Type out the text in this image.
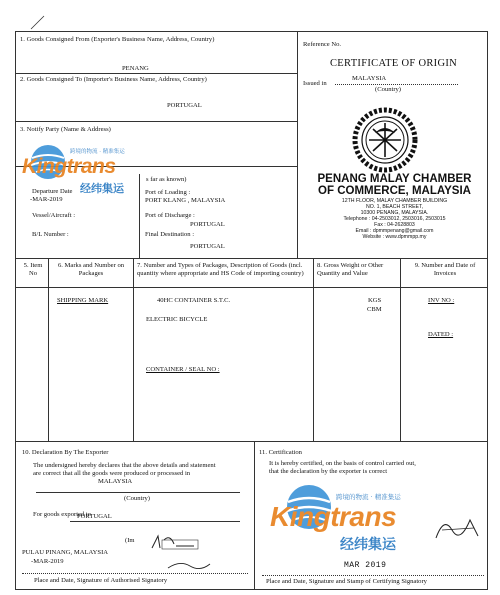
1. Goods Consigned From (Exporter's Business Name, Address, Country)
PENANG
2. Goods Consigned To (Importer's Business Name, Address, Country)
PORTUGAL
3. Notify Party (Name & Address)
s far as known)
Departure Date
-MAR-2019
Vessel/Aircraft :
B/L Number :
Port of Loading :
PORT KLANG , MALAYSIA
Port of Discharge :
PORTUGAL
Final Destination :
PORTUGAL
Reference No.
CERTIFICATE OF ORIGIN
Issued in
MALAYSIA
(Country)
PENANG MALAY CHAMBER
OF COMMERCE, MALAYSIA
12TH FLOOR, MALAY CHAMBER BUILDING
NO. 1, BEACH STREET,
10300 PENANG, MALAYSIA.
Telephone : 04-2503012, 2503016, 2503015
Fax : 04-2628803
Email : dpmmpenang@gmail.com
Website : www.dpmmpp.my
5. Item No
6. Marks and Number on Packages
7. Number and Types of Packages, Description of Goods (incl. quantity where appropriate and HS Code of importing country)
8. Gross Weight or Other Quantity and Value
9. Number and Date of Invoices
SHIPPING MARK	40HC CONTAINER S.T.C.
ELECTRIC BICYCLE
CONTAINER / SEAL NO :
KGS
CBM
INV NO :
DATED :
10. Declaration By The Exporter
The undersigned hereby declares that the above details and statement
are correct that all the goods were produced or processed in
MALAYSIA
(Country)
For goods exported to
PORTUGAL
(Im
PULAU PINANG, MALAYSIA
-MAR-2019
Place and Date, Signature of Authorised Signatory
11. Certification
It is hereby certified, on the basis of control carried out,
that the declaration by the exporter is correct
MAR 2019
Place and Date, Signature and Stamp of Certifying Signatory
跨境的物流 · 精准集运
Kingtrans
经纬集运
跨境的物流 · 精准集运
Kingtrans
经纬集运
